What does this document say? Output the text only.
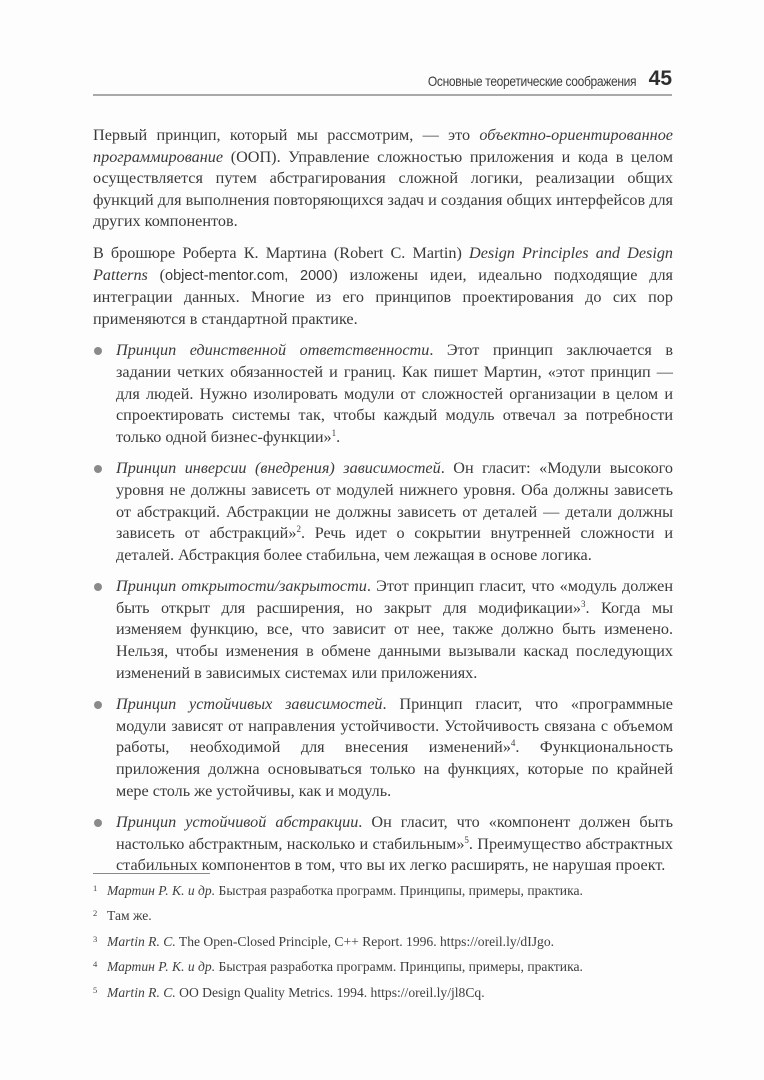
Основные теоретические соображения 45

Первый принцип, который мы рассмотрим, — это объектно-ориентированное программирование (ООП). Управление сложностью приложения и кода в целом осуществляется путем абстрагирования сложной логики, реализации общих функций для выполнения повторяющихся задач и создания общих интерфейсов для других компонентов.

В брошюре Роберта К. Мартина (Robert C. Martin) Design Principles and Design Patterns (object-mentor.com, 2000) изложены идеи, идеально подходящие для интеграции данных. Многие из его принципов проектирования до сих пор применяются в стандартной практике.

Принцип единственной ответственности. Этот принцип заключается в задании четких обязанностей и границ. Как пишет Мартин, «этот принцип — для людей. Нужно изолировать модули от сложностей организации в целом и спроектировать системы так, чтобы каждый модуль отвечал за потребности только одной бизнес-функции»$^1$.
Принцип инверсии (внедрения) зависимостей. Он гласит: «Модули высокого уровня не должны зависеть от модулей нижнего уровня. Оба должны зависеть от абстракций. Абстракции не должны зависеть от деталей — детали должны зависеть от абстракций»$^2$. Речь идет о сокрытии внутренней сложности и деталей. Абстракция более стабильна, чем лежащая в основе логика.
Принцип открытости/закрытости. Этот принцип гласит, что «модуль должен быть открыт для расширения, но закрыт для модификации»$^3$. Когда мы изменяем функцию, все, что зависит от нее, также должно быть изменено. Нельзя, чтобы изменения в обмене данными вызывали каскад последующих изменений в зависимых системах или приложениях.
Принцип устойчивых зависимостей. Принцип гласит, что «программные модули зависят от направления устойчивости. Устойчивость связана с объемом работы, необходимой для внесения изменений»$^4$. Функциональность приложения должна основываться только на функциях, которые по крайней мере столь же устойчивы, как и модуль.
Принцип устойчивой абстракции. Он гласит, что «компонент должен быть настолько абстрактным, насколько и стабильным»$^5$. Преимущество абстрактных стабильных компонентов в том, что вы их легко расширять, не нарушая проект.
1 Мартин Р. К. и др. Быстрая разработка программ. Принципы, примеры, практика.
2 Там же.
3 Martin R. C. The Open-Closed Principle, C++ Report. 1996. https://oreil.ly/dIJgo.
4 Мартин Р. К. и др. Быстрая разработка программ. Принципы, примеры, практика.
5 Martin R. C. OO Design Quality Metrics. 1994. https://oreil.ly/jl8Cq.
